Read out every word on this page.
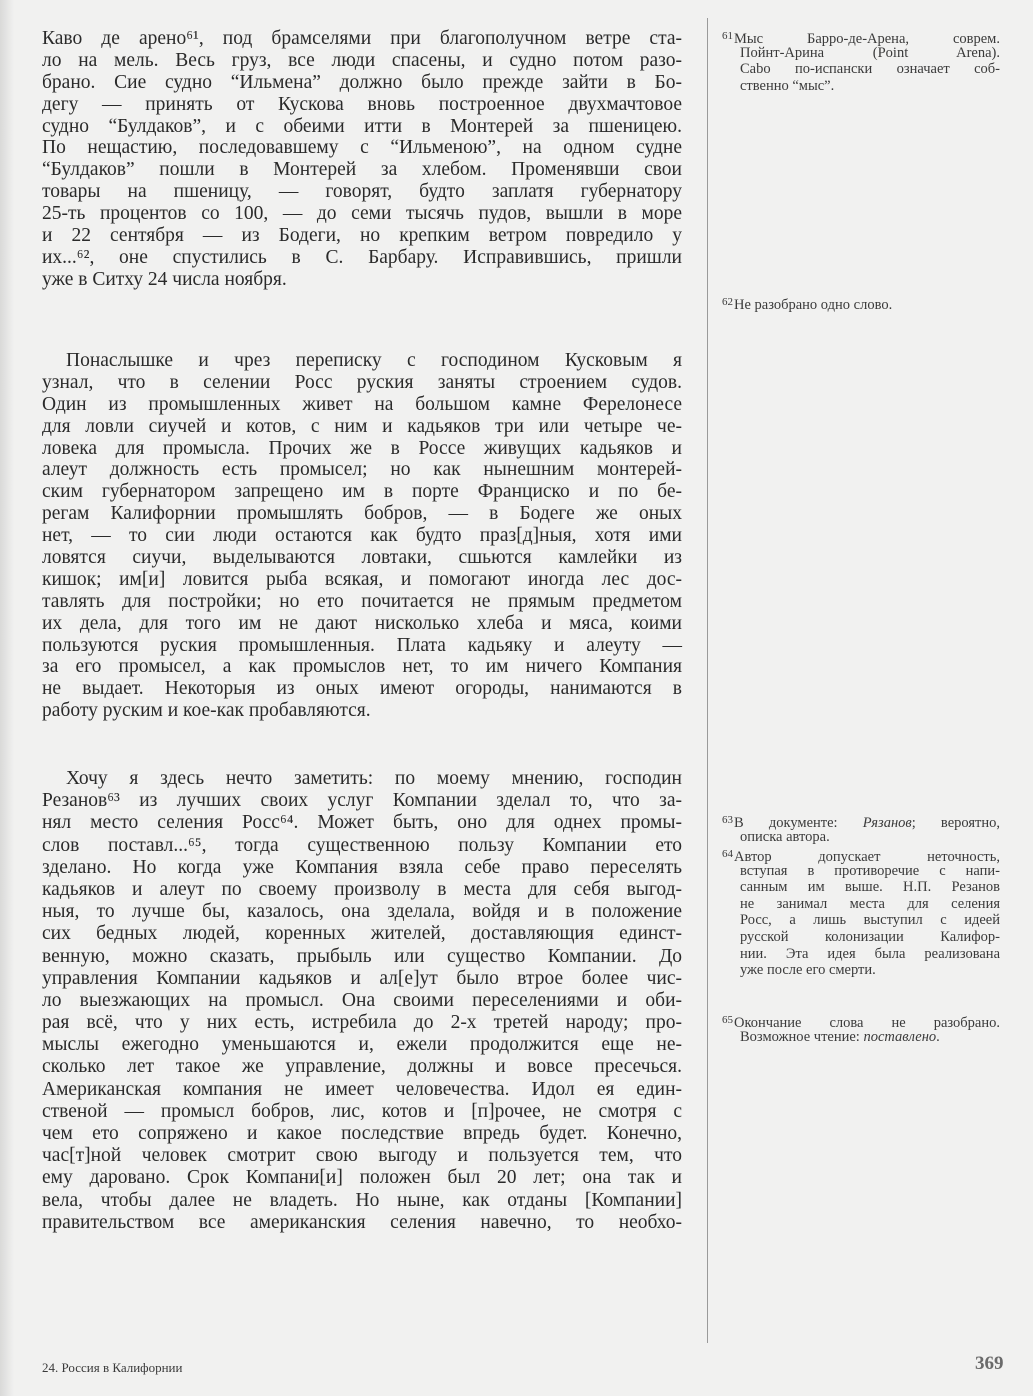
Каво де арено⁶¹, под брамселями при благополучном ветре ста-
ло на мель. Весь груз, все люди спасены, и судно потом разо-
брано. Сие судно “Ильмена” должно было прежде зайти в Бо-
дегу — принять от Кускова вновь построенное двухмачтовое
судно “Булдаков”, и с обеими итти в Монтерей за пшеницею.
По нещастию, последовавшему с “Ильменою”, на одном судне
“Булдаков” пошли в Монтерей за хлебом. Променявши свои
товары на пшеницу, — говорят, будто заплатя губернатору
25-ть процентов со 100, — до семи тысячь пудов, вышли в море
и 22 сентября — из Бодеги, но крепким ветром повредило у
их...⁶², оне спустились в С. Барбару. Исправившись, пришли
уже в Ситху 24 числа ноября.
Понаслышке и чрез переписку с господином Кусковым я
узнал, что в селении Росс руския заняты строением судов.
Один из промышленных живет на большом камне Ферелонесе
для ловли сиучей и котов, с ним и кадьяков три или четыре че-
ловека для промысла. Прочих же в Россе живущих кадьяков и
алеут должность есть промысел; но как нынешним монтерей-
ским губернатором запрещено им в порте Франциско и по бе-
регам Калифорнии промышлять бобров, — в Бодеге же оных
нет, — то сии люди остаются как будто праз[д]ныя, хотя ими
ловятся сиучи, выделываются ловтаки, сшьются камлейки из
кишок; им[и] ловится рыба всякая, и помогают иногда лес дос-
тавлять для постройки; но ето почитается не прямым предметом
их дела, для того им не дают нисколько хлеба и мяса, коими
пользуются руския промышленныя. Плата кадьяку и алеуту —
за его промысел, а как промыслов нет, то им ничего Компания
не выдает. Некоторыя из оных имеют огороды, нанимаются в
работу руским и кое-как пробавляются.
Хочу я здесь нечто заметить: по моему мнению, господин
Резанов⁶³ из лучших своих услуг Компании зделал то, что за-
нял место селения Росс⁶⁴. Может быть, оно для однех промы-
слов поставл...⁶⁵, тогда существенною пользу Компании ето
зделано. Но когда уже Компания взяла себе право переселять
кадьяков и алеут по своему произволу в места для себя выгод-
ныя, то лучше бы, казалось, она зделала, войдя и в положение
сих бедных людей, коренных жителей, доставляющия единст-
венную, можно сказать, прыбыль или существо Компании. До
управления Компании кадьяков и ал[е]ут было втрое более чис-
ло выезжающих на промысл. Она своими переселениями и оби-
рая всё, что у них есть, истребила до 2-х третей народу; про-
мыслы ежегодно уменьшаются и, ежели продолжится еще не-
сколько лет такое же управление, должны и вовсе пресечься.
Американская компания не имеет человечества. Идол ея един-
ственой — промысл бобров, лис, котов и [п]рочее, не смотря с
чем ето сопряжено и какое последствие впредь будет. Конечно,
час[т]ной человек смотрит свою выгоду и пользуется тем, что
ему даровано. Срок Компани[и] положен был 20 лет; она так и
вела, чтобы далее не владеть. Но ныне, как отданы [Компании]
правительством все американския селения навечно, то необхо-
$^{61}$Мыс Барро-де-Арена, соврем.
Пойнт-Арина (Point Arena).
Cabo по-испански означает соб-
ственно “мыс”.
$^{62}$Не разобрано одно слово.
$^{63}$В документе: Рязанов; вероятно,
описка автора.
$^{64}$Автор допускает неточность,
вступая в противоречие с напи-
санным им выше. Н.П. Резанов
не занимал места для селения
Росс, а лишь выступил с идеей
русской колонизации Калифор-
нии. Эта идея была реализована
уже после его смерти.
$^{65}$Окончание слова не разобрано.
Возможное чтение: поставлено.
24. Россия в Калифорнии	369
